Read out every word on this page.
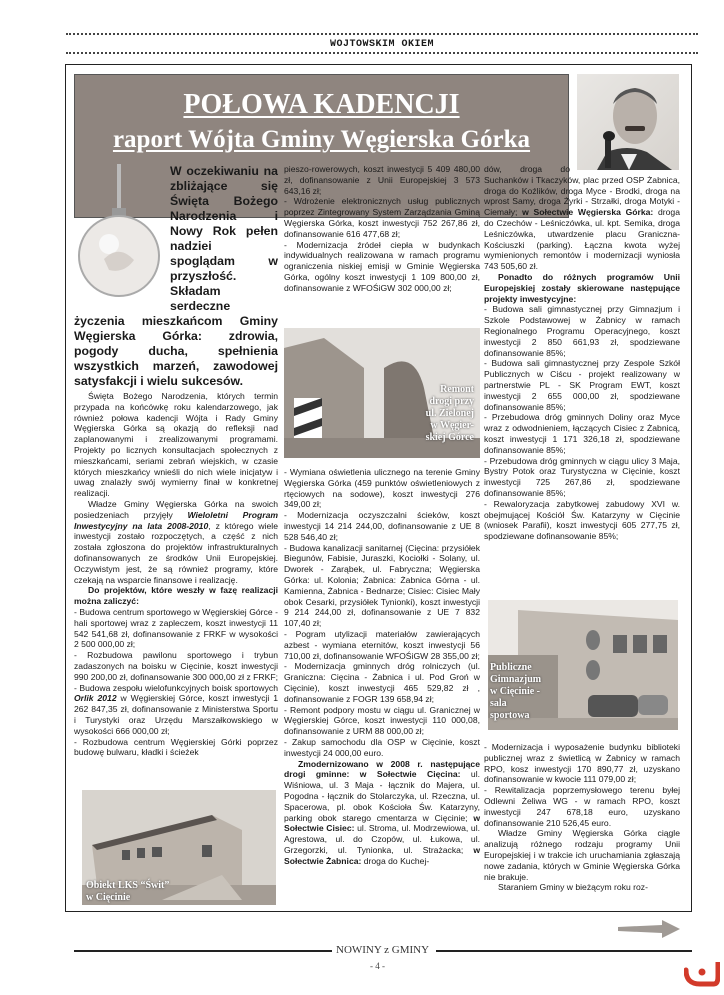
WOJTOWSKIM OKIEM
POŁOWA KADENCJI
raport Wójta Gminy Węgierska Górka

W oczekiwaniu na zbliżające się Święta Bożego Narodzenia i Nowy Rok pełen nadziei spoglądam w przyszłość. Składam serdeczne życzenia mieszkańcom Gminy Węgierska Górka: zdrowia, pogody ducha, spełnienia wszystkich marzeń, zawodowej satysfakcji i wielu sukcesów.

Święta Bożego Narodzenia, których termin przypada na końcówkę roku kalendarzowego, jak również połowa kadencji Wójta i Rady Gminy Węgierska Górka są okazją do refleksji nad zaplanowanymi i zrealizowanymi programami. Projekty po licznych konsultacjach społecznych z mieszkańcami, seriami zebrań wiejskich, w czasie których mieszkańcy wnieśli do nich wiele inicjatyw i uwag znalazły swój wymierny finał w konkretnej realizacji.

Władze Gminy Węgierska Górka na swoich posiedzeniach przyjęły Wieloletni Program Inwestycyjny na lata 2008-2010, z którego wiele inwestycji zostało rozpoczętych, a część z nich została zgłoszona do projektów infrastrukturalnych dofinansowanych ze środków Unii Europejskiej. Oczywistym jest, że są również programy, które czekają na wsparcie finansowe i realizację.

Do projektów, które weszły w fazę realizacji można zaliczyć:

- Budowa centrum sportowego w Węgierskiej Górce - hali sportowej wraz z zapleczem, koszt inwestycji 11 542 541,68 zł, dofinansowanie z FRKF w wysokości 2 500 000,00 zł;

- Rozbudowa pawilonu sportowego i trybun zadaszonych na boisku w Cięcinie, koszt inwestycji 990 200,00 zł, dofinansowanie 300 000,00 zł z FRKF;

- Budowa zespołu wielofunkcyjnych boisk sportowych Orlik 2012 w Węgierskiej Górce, koszt inwestycji 1 262 847,35 zł, dofinansowanie z Ministerstwa Sportu i Turystyki oraz Urzędu Marszałkowskiego w wysokości 666 000,00 zł;

- Rozbudowa centrum Węgierskiej Górki poprzez budowę bulwaru, kładki i ścieżek

Obiekt LKS “Świt”
w Cięcinie

pieszo-rowerowych, koszt inwestycji 5 409 480,00 zł, dofinansowanie z Unii Europejskiej 3 573 643,16 zł;

- Wdrożenie elektronicznych usług publicznych poprzez Zintegrowany System Zarządzania Gminą Węgierska Górka, koszt inwestycji 752 267,86 zł, dofinansowanie 616 477,68 zł;

- Modernizacja źródeł ciepła w budynkach indywidualnych realizowana w ramach programu ograniczenia niskiej emisji w Gminie Węgierska Górka, ogólny koszt inwestycji 1 109 800,00 zł, dofinansowanie z WFOŚiGW 302 000,00 zł;

Remont
drogi przy
ul. Zielonej
w Węgier-
skiej Górce

- Wymiana oświetlenia ulicznego na terenie Gminy Węgierska Górka (459 punktów oświetleniowych z rtęciowych na sodowe), koszt inwestycji 276 349,00 zł;

- Modernizacja oczyszczalni ścieków, koszt inwestycji 14 214 244,00, dofinansowanie z UE 8 528 546,40 zł;

- Budowa kanalizacji sanitarnej (Cięcina: przysiółek Biegunów, Fabisie, Juraszki, Kociołki - Solany, ul. Dworek - Zarąbek, ul. Fabryczna; Węgierska Górka: ul. Kolonia; Żabnica: Żabnica Górna - ul. Kamienna, Żabnica - Bednarze; Cisiec: Cisiec Mały obok Cesarki, przysiółek Tynionki), koszt inwestycji 9 214 244,00 zł, dofinansowanie z UE 7 832 107,40 zł;

- Pogram utylizacji materiałów zawierających azbest - wymiana eternitów, koszt inwestycji 56 710,00 zł, dofinansowanie WFOŚiGW 28 355,00 zł;

- Modernizacja gminnych dróg rolniczych (ul. Graniczna: Cięcina - Żabnica i ul. Pod Groń w Cięcinie), koszt inwestycji 465 529,82 zł , dofinansowanie z FOGR 139 658,94 zł;

- Remont podpory mostu w ciągu ul. Granicznej w Węgierskiej Górce, koszt inwestycji 110 000,08, dofinansowanie z URM 88 000,00 zł;

- Zakup samochodu dla OSP w Cięcinie, koszt inwestycji 24 000,00 euro.

Zmodernizowano w 2008 r. następujące drogi gminne: w Sołectwie Cięcina: ul. Wiśniowa, ul. 3 Maja - łącznik do Majera, ul. Pogodna - łącznik do Stolarczyka, ul. Rzeczna, ul. Spacerowa, pl. obok Kościoła Św. Katarzyny, parking obok starego cmentarza w Cięcinie; w Sołectwie Cisiec: ul. Stroma, ul. Modrzewiowa, ul. Agrestowa, ul. do Czopów, ul. Łukowa, ul. Grzegorzki, ul. Tynionka, ul. Strażacka; w Sołectwie Żabnica: droga do Kuchej-

dów, droga do Suchanków i Tkaczyków, plac przed OSP Żabnica, droga do Koźlików, droga Myce - Brodki, droga na wprost Samy, droga Żyrki - Strzałki, droga Motyki - Ciemały; w Sołectwie Węgierska Górka: droga do Czechów - Leśniczówka, ul. kpt. Semika, droga Leśniczówka, utwardzenie placu Graniczna-Kościuszki (parking). Łączna kwota wyżej wymienionych remontów i modernizacji wyniosła 743 505,60 zł.

Ponadto do różnych programów Unii Europejskiej zostały skierowane następujące projekty inwestycyjne:

- Budowa sali gimnastycznej przy Gimnazjum i Szkole Podstawowej w Żabnicy w ramach Regionalnego Programu Operacyjnego, koszt inwestycji 2 850 661,93 zł, spodziewane dofinansowanie 85%;

- Budowa sali gimnastycznej przy Zespole Szkół Publicznych w Ciścu - projekt realizowany w partnerstwie PL - SK Program EWT, koszt inwestycji 2 655 000,00 zł, spodziewane dofinansowanie 85%;

- Przebudowa dróg gminnych Doliny oraz Myce wraz z odwodnieniem, łączących Cisiec z Żabnicą, koszt inwestycji 1 171 326,18 zł, spodziewane dofinansowanie 85%;

- Przebudowa dróg gminnych w ciągu ulicy 3 Maja, Bystry Potok oraz Turystyczna w Cięcinie, koszt inwestycji 725 267,86 zł, spodziewane dofinansowanie 85%;

- Rewaloryzacja zabytkowej zabudowy XVI w. obejmującej Kościół Św. Katarzyny w Cięcinie (wniosek Parafii), koszt inwestycji 605 277,75 zł, spodziewane dofinansowanie 85%;

Publiczne
Gimnazjum
w Cięcinie -
sala
sportowa

- Modernizacja i wyposażenie budynku biblioteki publicznej wraz z świetlicą w Żabnicy w ramach RPO, kosz inwestycji 170 890,77 zł, uzyskano dofinansowanie w kwocie 111 079,00 zł;

- Rewitalizacja poprzemysłowego terenu byłej Odlewni Żeliwa WG - w ramach RPO, koszt inwestycji 247 678,18 euro, uzyskano dofinansowanie 210 526,45 euro.

Władze Gminy Węgierska Górka ciągle analizują różnego rodzaju programy Unii Europejskiej i w trakcie ich uruchamiania zgłaszają nowe zadania, których w Gminie Węgierska Górka nie brakuje.

Staraniem Gminy w bieżącym roku roz-

NOWINY z GMINY
- 4 -
